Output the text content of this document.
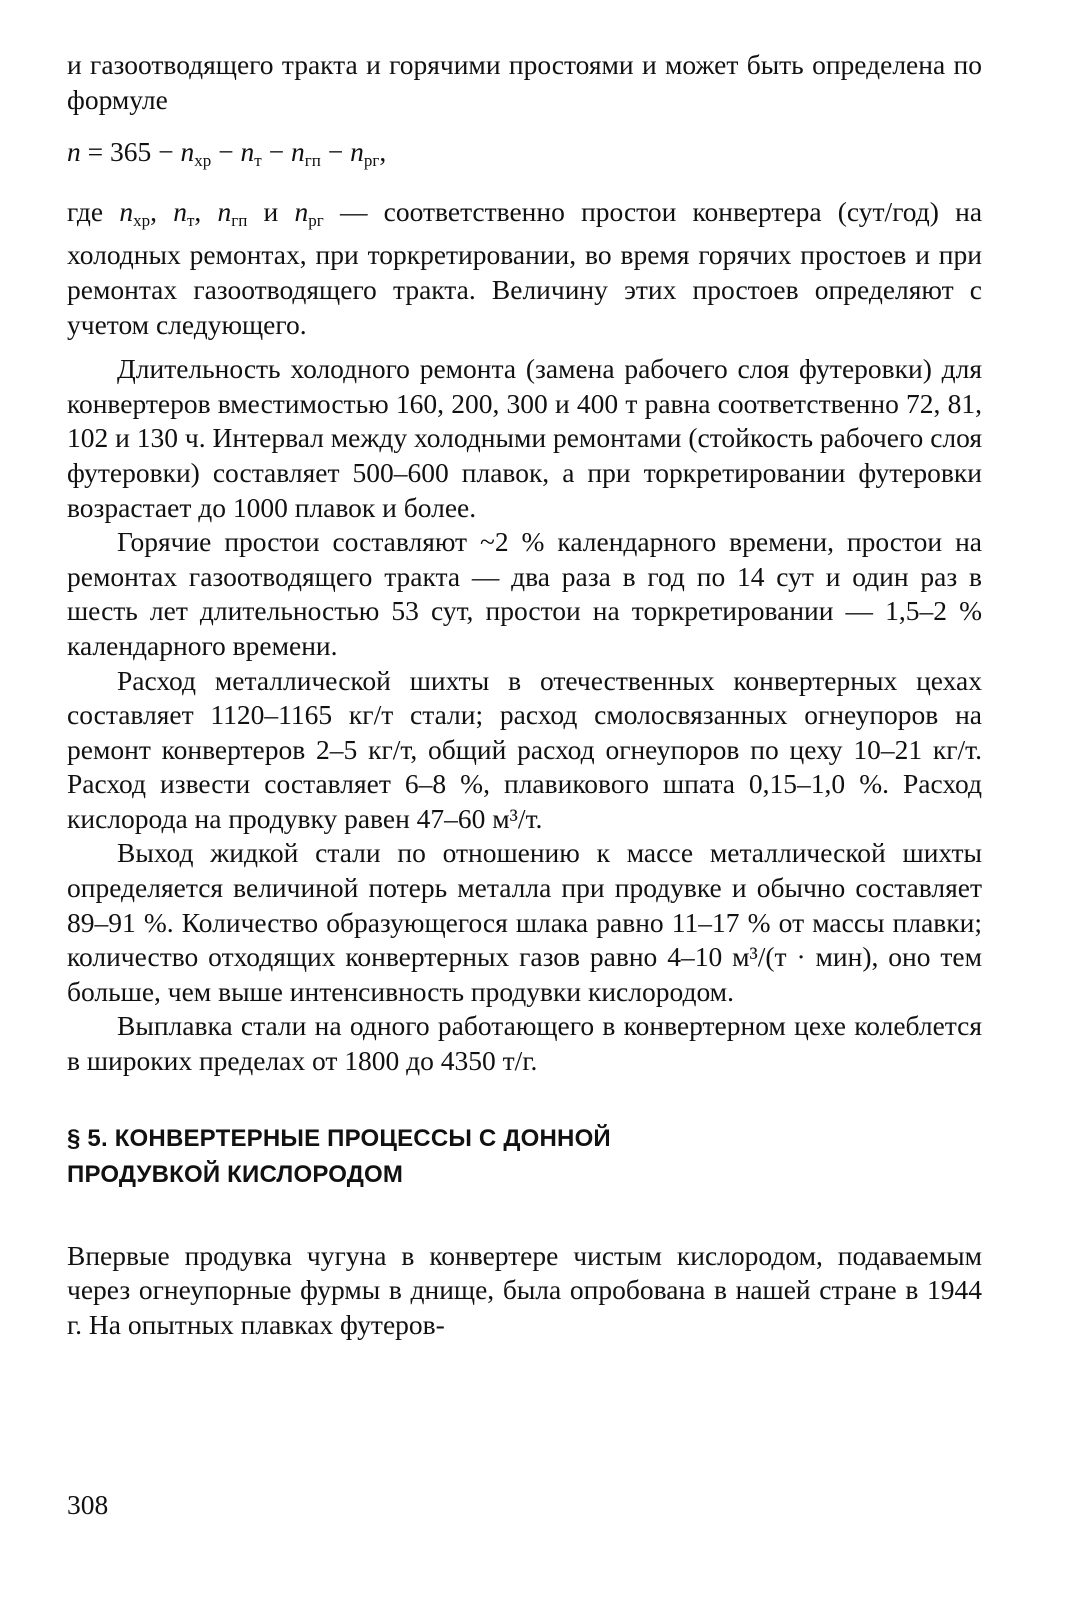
и газоотводящего тракта и горячими простоями и может быть определена по формуле

$n = 365 - n_{хр} - n_т - n_{гп} - n_{рг}$,

где $n_{хр}$, $n_т$, $n_{гп}$ и $n_{рг}$ — соответственно простои конвертера (сут/год) на холодных ремонтах, при торкретировании, во время горячих простоев и при ремонтах газоотводящего тракта. Величину этих простоев определяют с учетом следующего.

Длительность холодного ремонта (замена рабочего слоя футеровки) для конвертеров вместимостью 160, 200, 300 и 400 т равна соответственно 72, 81, 102 и 130 ч. Интервал между холодными ремонтами (стойкость рабочего слоя футеровки) составляет 500–600 плавок, а при торкретировании футеровки возрастает до 1000 плавок и более.

Горячие простои составляют ~2 % календарного времени, простои на ремонтах газоотводящего тракта — два раза в год по 14 сут и один раз в шесть лет длительностью 53 сут, простои на торкретировании — 1,5–2 % календарного времени.

Расход металлической шихты в отечественных конвертерных цехах составляет 1120–1165 кг/т стали; расход смолосвязанных огнеупоров на ремонт конвертеров 2–5 кг/т, общий расход огнеупоров по цеху 10–21 кг/т. Расход извести составляет 6–8 %, плавикового шпата 0,15–1,0 %. Расход кислорода на продувку равен 47–60 м³/т.

Выход жидкой стали по отношению к массе металлической шихты определяется величиной потерь металла при продувке и обычно составляет 89–91 %. Количество образующегося шлака равно 11–17 % от массы плавки; количество отходящих конвертерных газов равно 4–10 м³/(т · мин), оно тем больше, чем выше интенсивность продувки кислородом.

Выплавка стали на одного работающего в конвертерном цехе колеблется в широких пределах от 1800 до 4350 т/г.

§ 5. КОНВЕРТЕРНЫЕ ПРОЦЕССЫ С ДОННОЙ
ПРОДУВКОЙ КИСЛОРОДОМ

Впервые продувка чугуна в конвертере чистым кислородом, подаваемым через огнеупорные фурмы в днище, была опробована в нашей стране в 1944 г. На опытных плавках футеров-

308
